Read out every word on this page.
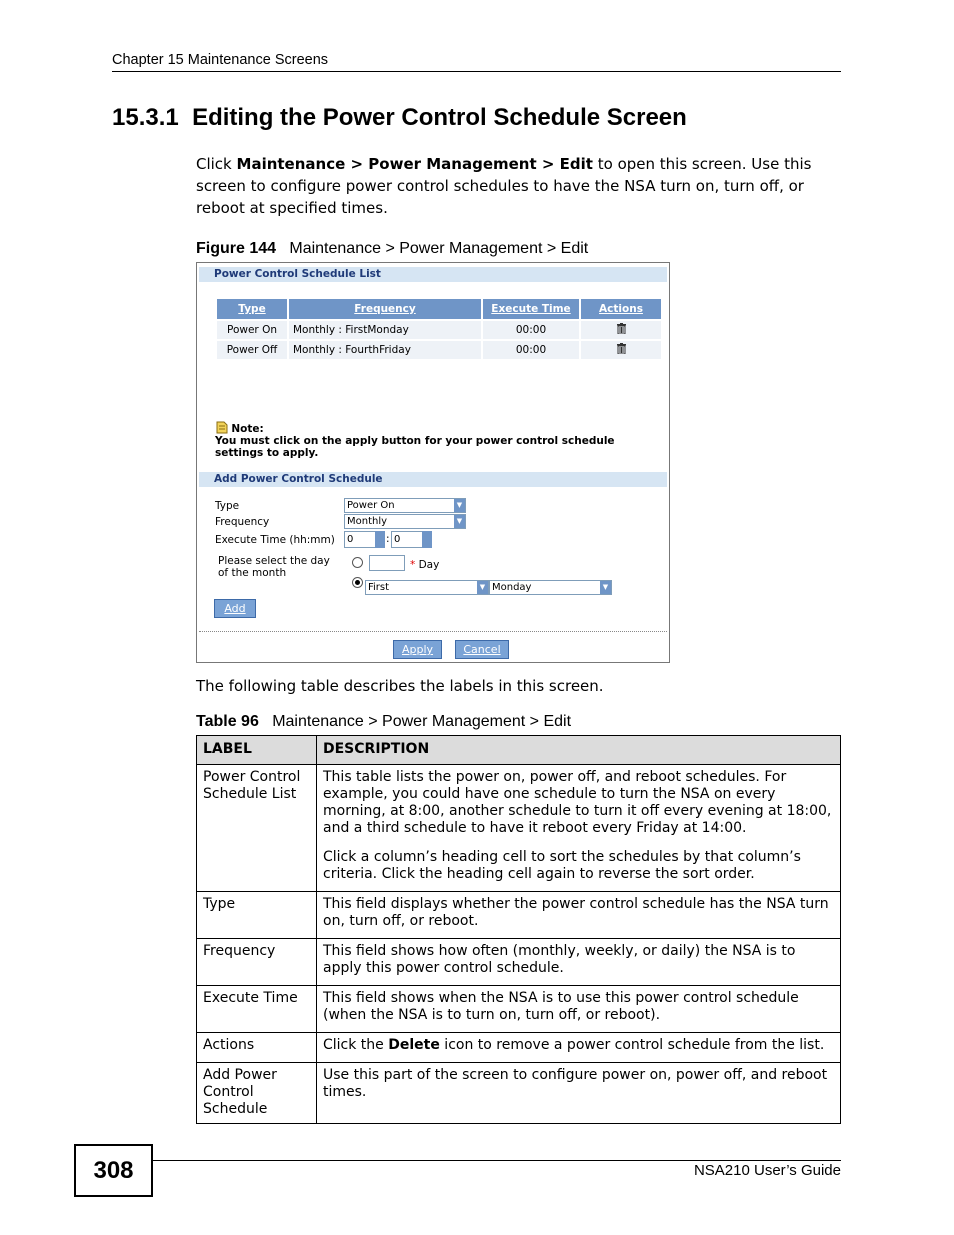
Chapter 15 Maintenance Screens
15.3.1  Editing the Power Control Schedule Screen
Click Maintenance > Power Management > Edit to open this screen. Use this screen to configure power control schedules to have the NSA turn on, turn off, or reboot at specified times.
Figure 144 Maintenance > Power Management > Edit
Power Control Schedule List
Type	Frequency	Execute Time	Actions
Power On	Monthly : FirstMonday	00:00	
Power Off	Monthly : FourthFriday	00:00	
Note:
You must click on the apply button for your power control schedule
settings to apply.
Add Power Control Schedule
Type	Power On	▼
Frequency	Monthly	▼
Execute Time (hh:mm)	0	: 0
Please select the day
of the month
* Day
First	▼ Monday	▼
Add
Apply	Cancel
The following table describes the labels in this screen.
Table 96 Maintenance > Power Management > Edit
LABEL	DESCRIPTION
Power Control Schedule List	This table lists the power on, power off, and reboot schedules. For example, you could have one schedule to turn the NSA on every morning, at 8:00, another schedule to turn it off every evening at 18:00, and a third schedule to have it reboot every Friday at 14:00.

Click a column’s heading cell to sort the schedules by that column’s criteria. Click the heading cell again to reverse the sort order.

Type	This field displays whether the power control schedule has the NSA turn on, turn off, or reboot.
Frequency	This field shows how often (monthly, weekly, or daily) the NSA is to apply this power control schedule.
Execute Time	This field shows when the NSA is to use this power control schedule (when the NSA is to turn on, turn off, or reboot).
Actions	Click the Delete icon to remove a power control schedule from the list.
Add Power Control Schedule	Use this part of the screen to configure power on, power off, and reboot times.
308	NSA210 User’s Guide
